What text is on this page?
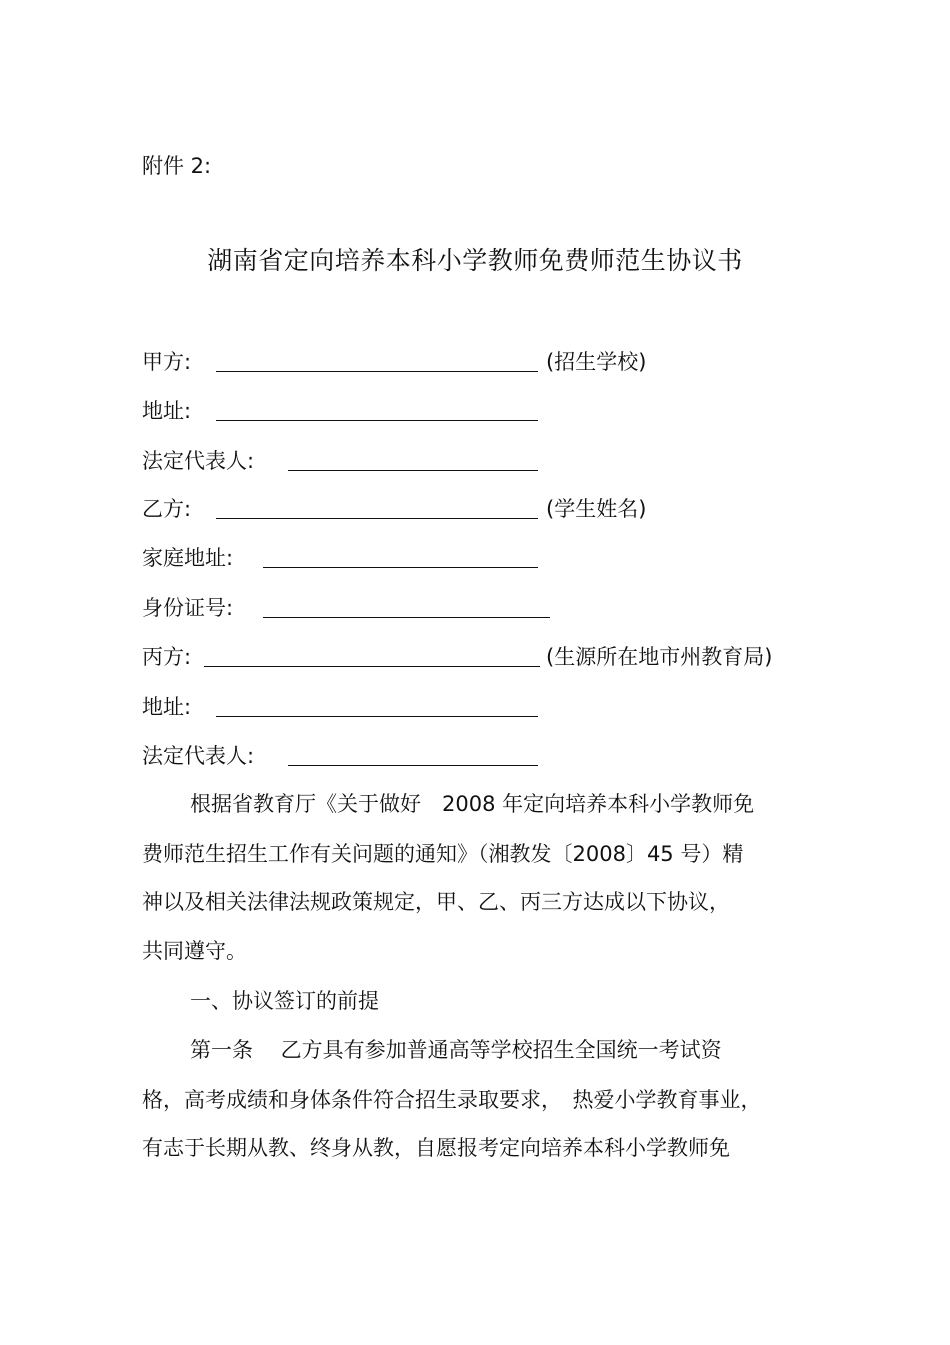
附件 2:
湖南省定向培养本科小学教师免费师范生协议书
甲方:	(招生学校)
地址:
法定代表人:
乙方:	(学生姓名)
家庭地址:
身份证号:
丙方:	(生源所在地市州教育局)
地址:
法定代表人:
根据省教育厅《关于做好　2008 年定向培养本科小学教师免
费师范生招生工作有关问题的通知》（湘教发〔2008〕45 号）精
神以及相关法律法规政策规定，甲、乙、丙三方达成以下协议，
共同遵守。
一、协议签订的前提
第一条　 乙方具有参加普通高等学校招生全国统一考试资
格，高考成绩和身体条件符合招生录取要求，　热爱小学教育事业，
有志于长期从教、终身从教，自愿报考定向培养本科小学教师免
